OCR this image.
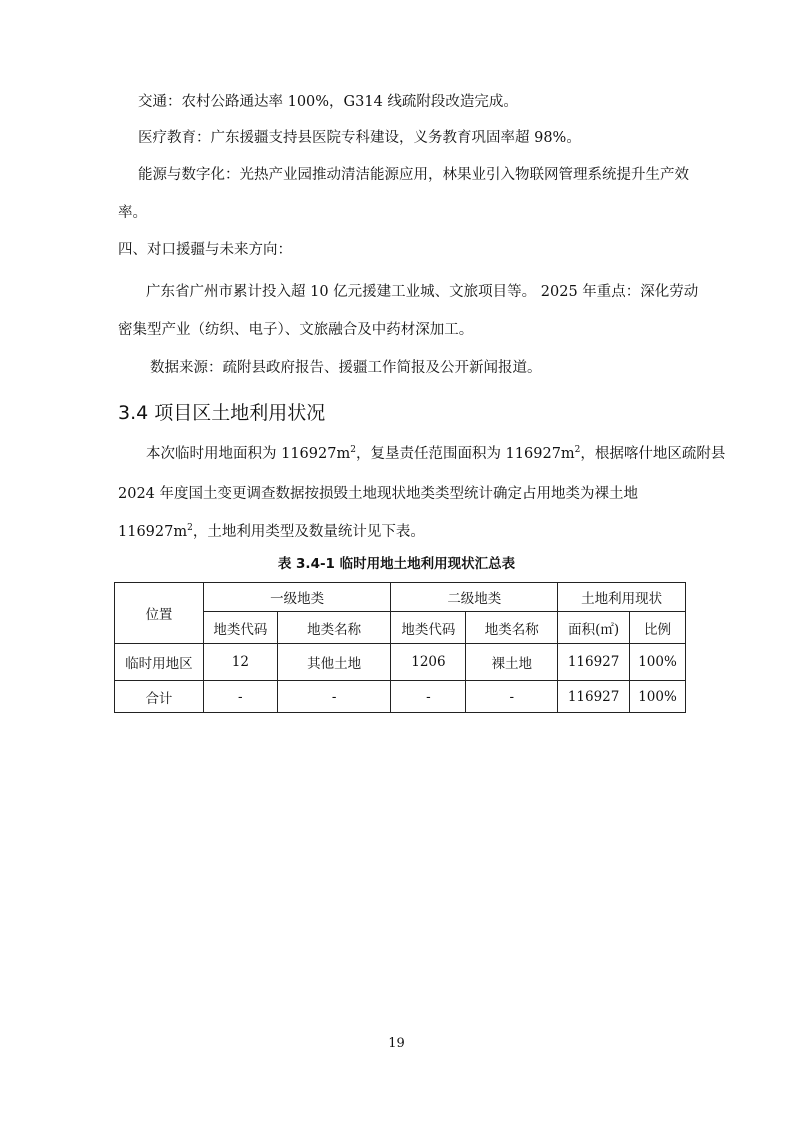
交通：农村公路通达率 100%，G314 线疏附段改造完成。
医疗教育：广东援疆支持县医院专科建设，义务教育巩固率超 98%。
能源与数字化：光热产业园推动清洁能源应用，林果业引入物联网管理系统提升生产效
率。
四、对口援疆与未来方向：
广东省广州市累计投入超 10 亿元援建工业城、文旅项目等。 2025 年重点：深化劳动
密集型产业（纺织、电子）、文旅融合及中药材深加工。
数据来源：疏附县政府报告、援疆工作简报及公开新闻报道。
3.4 项目区土地利用状况
本次临时用地面积为 $116927m^2$，复垦责任范围面积为 $116927m^2$，根据喀什地区疏附县
2024 年度国土变更调查数据按损毁土地现状地类类型统计确定占用地类为裸土地
$116927m^2$，土地利用类型及数量统计见下表。
表 3.4-1 临时用地土地利用现状汇总表
位置	一级地类		二级地类		土地利用现状	
	地类代码	地类名称	地类代码	地类名称	面积(㎡)	比例
临时用地区	12	其他土地	1206	裸土地	116927	100%
合计	-	-	-	-	116927	100%
19
